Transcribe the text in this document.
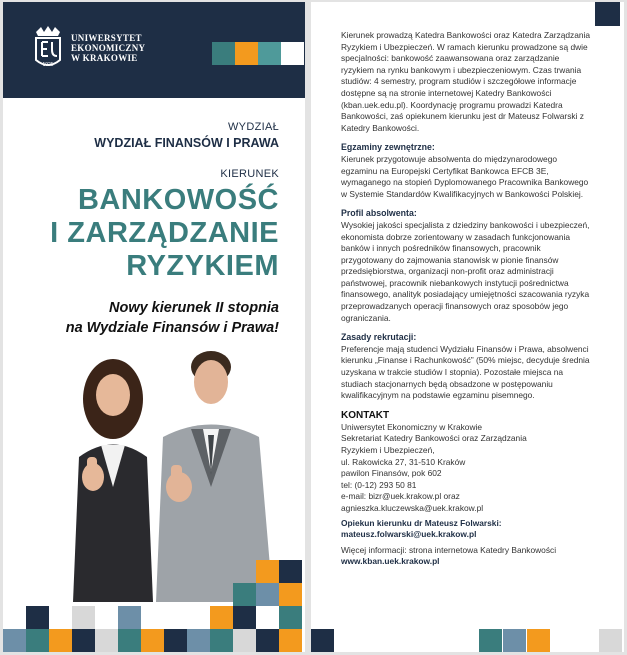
1925
UNIWERSYTET
EKONOMICZNY
W KRAKOWIE
WYDZIAŁ
WYDZIAŁ FINANSÓW I PRAWA
KIERUNEK
BANKOWOŚĆ
I ZARZĄDZANIE
RYZYKIEM
Nowy kierunek II stopnia
na Wydziale Finansów i Prawa!

Kierunek prowadzą Katedra Bankowości oraz Katedra Zarządzania Ryzykiem i Ubezpieczeń. W ramach kierunku prowadzone są dwie specjalności: bankowość zaawansowana oraz zarządzanie ryzykiem na rynku bankowym i ubezpieczeniowym. Czas trwania studiów: 4 semestry, program studiów i szczegółowe informacje dostępne są na stronie internetowej Katedry Bankowości (kban.uek.edu.pl). Koordynację programu prowadzi Katedra Bankowości, zaś opiekunem kierunku jest dr Mateusz Folwarski z Katedry Bankowości.

Egzaminy zewnętrzne:

Kierunek przygotowuje absolwenta do międzynarodowego egzaminu na Europejski Certyfikat Bankowca EFCB 3E, wymaganego na stopień Dyplomowanego Pracownika Bankowego w Systemie Standardów Kwalifikacyjnych w Bankowości Polskiej.

Profil absolwenta:

Wysokiej jakości specjalista z dziedziny bankowości i ubezpieczeń, ekonomista dobrze zorientowany w zasadach funkcjonowania banków i innych pośredników finansowych, pracownik przygotowany do zajmowania stanowisk w pionie finansów przedsiębiorstwa, organizacji non-profit oraz administracji państwowej, pracownik niebankowych instytucji pośrednictwa finansowego, analityk posiadający umiejętności szacowania ryzyka przeprowadzanych operacji finansowych oraz sposobów jego ograniczania.

Zasady rekrutacji:

Preferencje mają studenci Wydziału Finansów i Prawa, absolwenci kierunku „Finanse i Rachunkowość” (50% miejsc, decyduje średnia uzyskana w trakcie studiów I stopnia). Pozostałe miejsca na studiach stacjonarnych będą obsadzone w postępowaniu kwalifikacyjnym na podstawie egzaminu pisemnego.

KONTAKT
Uniwersytet Ekonomiczny w Krakowie
Sekretariat Katedry Bankowości oraz Zarządzania
Ryzykiem i Ubezpieczeń,
ul. Rakowicka 27, 31-510 Kraków
pawilon Finansów, pok 602
tel: (0-12) 293 50 81
e-mail: bizr@uek.krakow.pl oraz
agnieszka.kluczewska@uek.krakow.pl
Opiekun kierunku dr Mateusz Folwarski:
mateusz.folwarski@uek.krakow.pl
Więcej informacji: strona internetowa Katedry Bankowości
www.kban.uek.krakow.pl
